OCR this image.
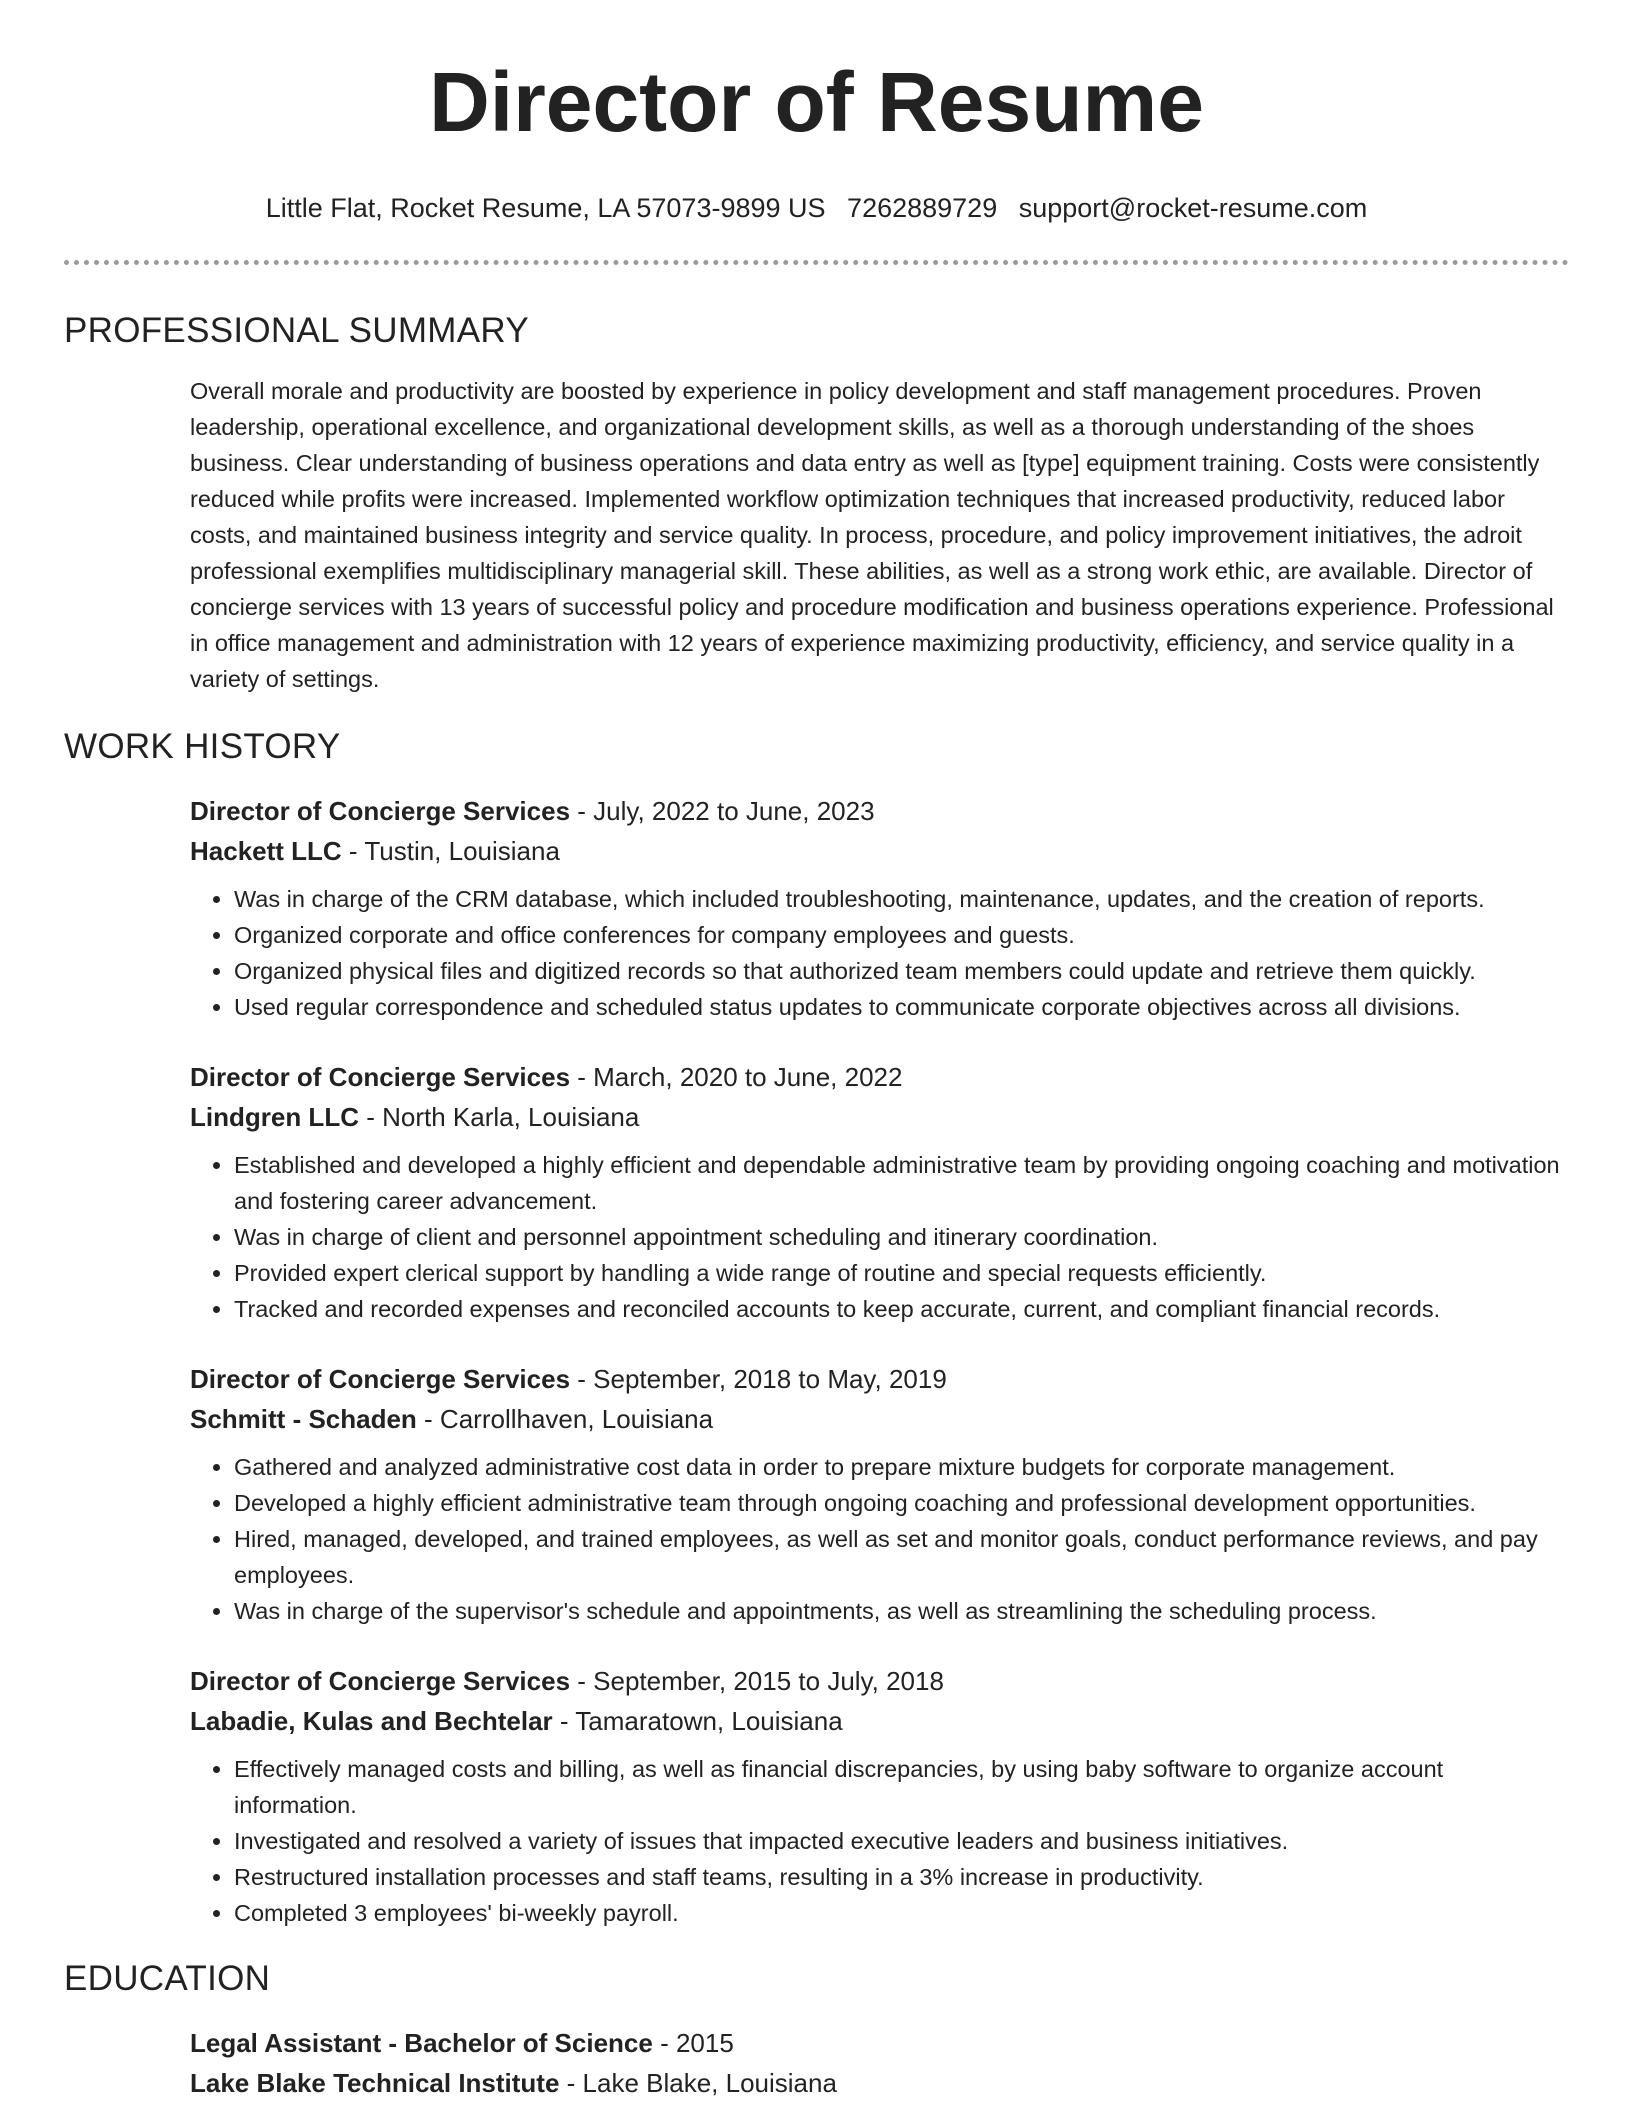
Director of Resume
Little Flat, Rocket Resume, LA 57073-9899 US 7262889729 support@rocket-resume.com
PROFESSIONAL SUMMARY
Overall morale and productivity are boosted by experience in policy development and staff management procedures. Proven leadership, operational excellence, and organizational development skills, as well as a thorough understanding of the shoes business. Clear understanding of business operations and data entry as well as [type] equipment training. Costs were consistently reduced while profits were increased. Implemented workflow optimization techniques that increased productivity, reduced labor costs, and maintained business integrity and service quality. In process, procedure, and policy improvement initiatives, the adroit professional exemplifies multidisciplinary managerial skill. These abilities, as well as a strong work ethic, are available. Director of concierge services with 13 years of successful policy and procedure modification and business operations experience. Professional in office management and administration with 12 years of experience maximizing productivity, efficiency, and service quality in a variety of settings.
WORK HISTORY
Director of Concierge Services - July, 2022 to June, 2023
Hackett LLC - Tustin, Louisiana
• Was in charge of the CRM database, which included troubleshooting, maintenance, updates, and the creation of reports.
• Organized corporate and office conferences for company employees and guests.
• Organized physical files and digitized records so that authorized team members could update and retrieve them quickly.
• Used regular correspondence and scheduled status updates to communicate corporate objectives across all divisions.
Director of Concierge Services - March, 2020 to June, 2022
Lindgren LLC - North Karla, Louisiana
• Established and developed a highly efficient and dependable administrative team by providing ongoing coaching and motivation and fostering career advancement.
• Was in charge of client and personnel appointment scheduling and itinerary coordination.
• Provided expert clerical support by handling a wide range of routine and special requests efficiently.
• Tracked and recorded expenses and reconciled accounts to keep accurate, current, and compliant financial records.
Director of Concierge Services - September, 2018 to May, 2019
Schmitt - Schaden - Carrollhaven, Louisiana
• Gathered and analyzed administrative cost data in order to prepare mixture budgets for corporate management.
• Developed a highly efficient administrative team through ongoing coaching and professional development opportunities.
• Hired, managed, developed, and trained employees, as well as set and monitor goals, conduct performance reviews, and pay employees.
• Was in charge of the supervisor's schedule and appointments, as well as streamlining the scheduling process.
Director of Concierge Services - September, 2015 to July, 2018
Labadie, Kulas and Bechtelar - Tamaratown, Louisiana
• Effectively managed costs and billing, as well as financial discrepancies, by using baby software to organize account information.
• Investigated and resolved a variety of issues that impacted executive leaders and business initiatives.
• Restructured installation processes and staff teams, resulting in a 3% increase in productivity.
• Completed 3 employees' bi-weekly payroll.
EDUCATION
Legal Assistant - Bachelor of Science - 2015
Lake Blake Technical Institute - Lake Blake, Louisiana
